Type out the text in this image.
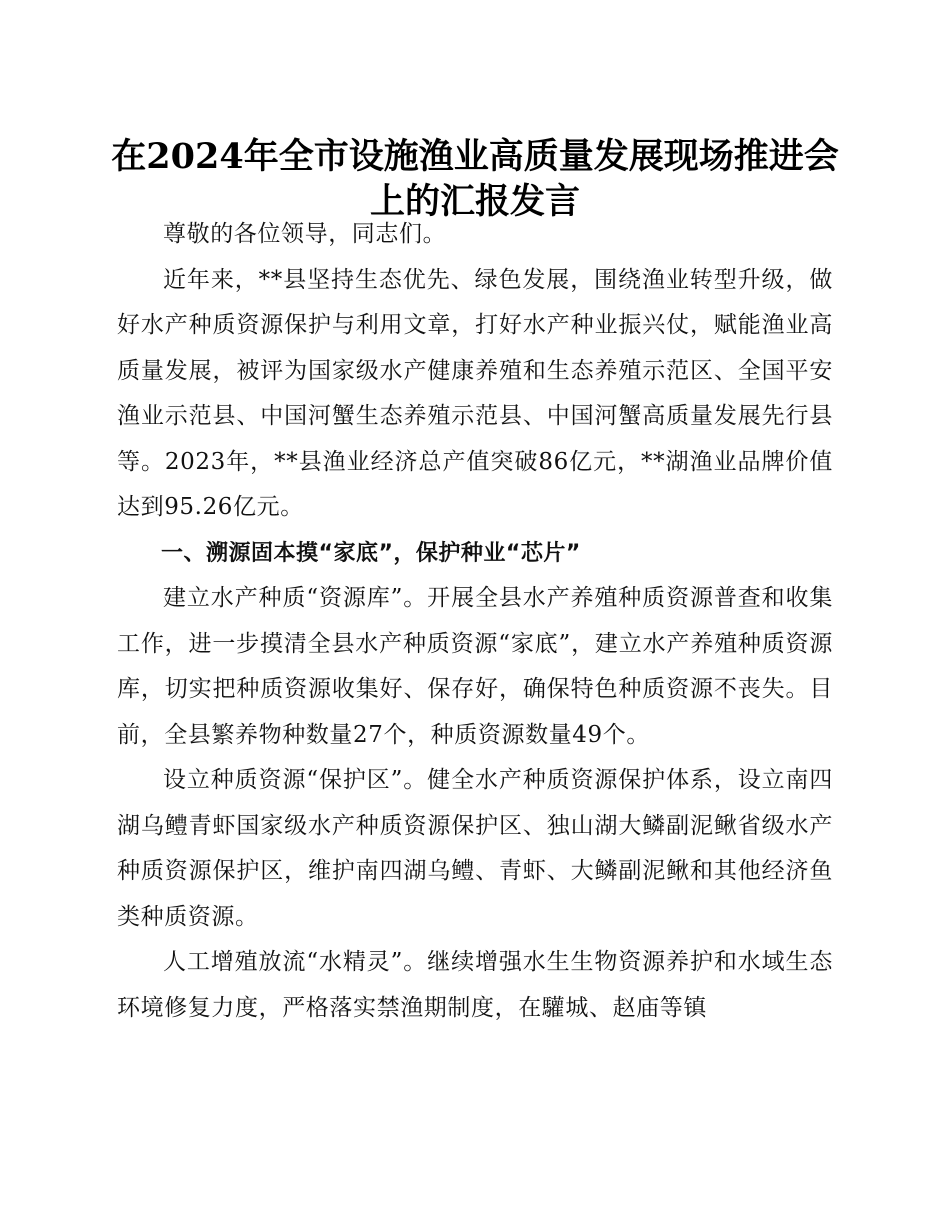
在2024年全市设施渔业高质量发展现场推进会
上的汇报发言

尊敬的各位领导，同志们。

近年来，**县坚持生态优先、绿色发展，围绕渔业转型升级，做好水产种质资源保护与利用文章，打好水产种业振兴仗，赋能渔业高质量发展，被评为国家级水产健康养殖和生态养殖示范区、全国平安渔业示范县、中国河蟹生态养殖示范县、中国河蟹高质量发展先行县等。2023年，**县渔业经济总产值突破86亿元，**湖渔业品牌价值达到95.26亿元。

一、溯源固本摸“家底”，保护种业“芯片”

建立水产种质“资源库”。开展全县水产养殖种质资源普查和收集工作，进一步摸清全县水产种质资源“家底”，建立水产养殖种质资源库，切实把种质资源收集好、保存好，确保特色种质资源不丧失。目前，全县繁养物种数量27个，种质资源数量49个。

设立种质资源“保护区”。健全水产种质资源保护体系，设立南四湖乌鳢青虾国家级水产种质资源保护区、独山湖大鳞副泥鳅省级水产种质资源保护区，维护南四湖乌鳢、青虾、大鳞副泥鳅和其他经济鱼类种质资源。

人工增殖放流“水精灵”。继续增强水生生物资源养护和水域生态环境修复力度，严格落实禁渔期制度，在驩城、赵庙等镇
